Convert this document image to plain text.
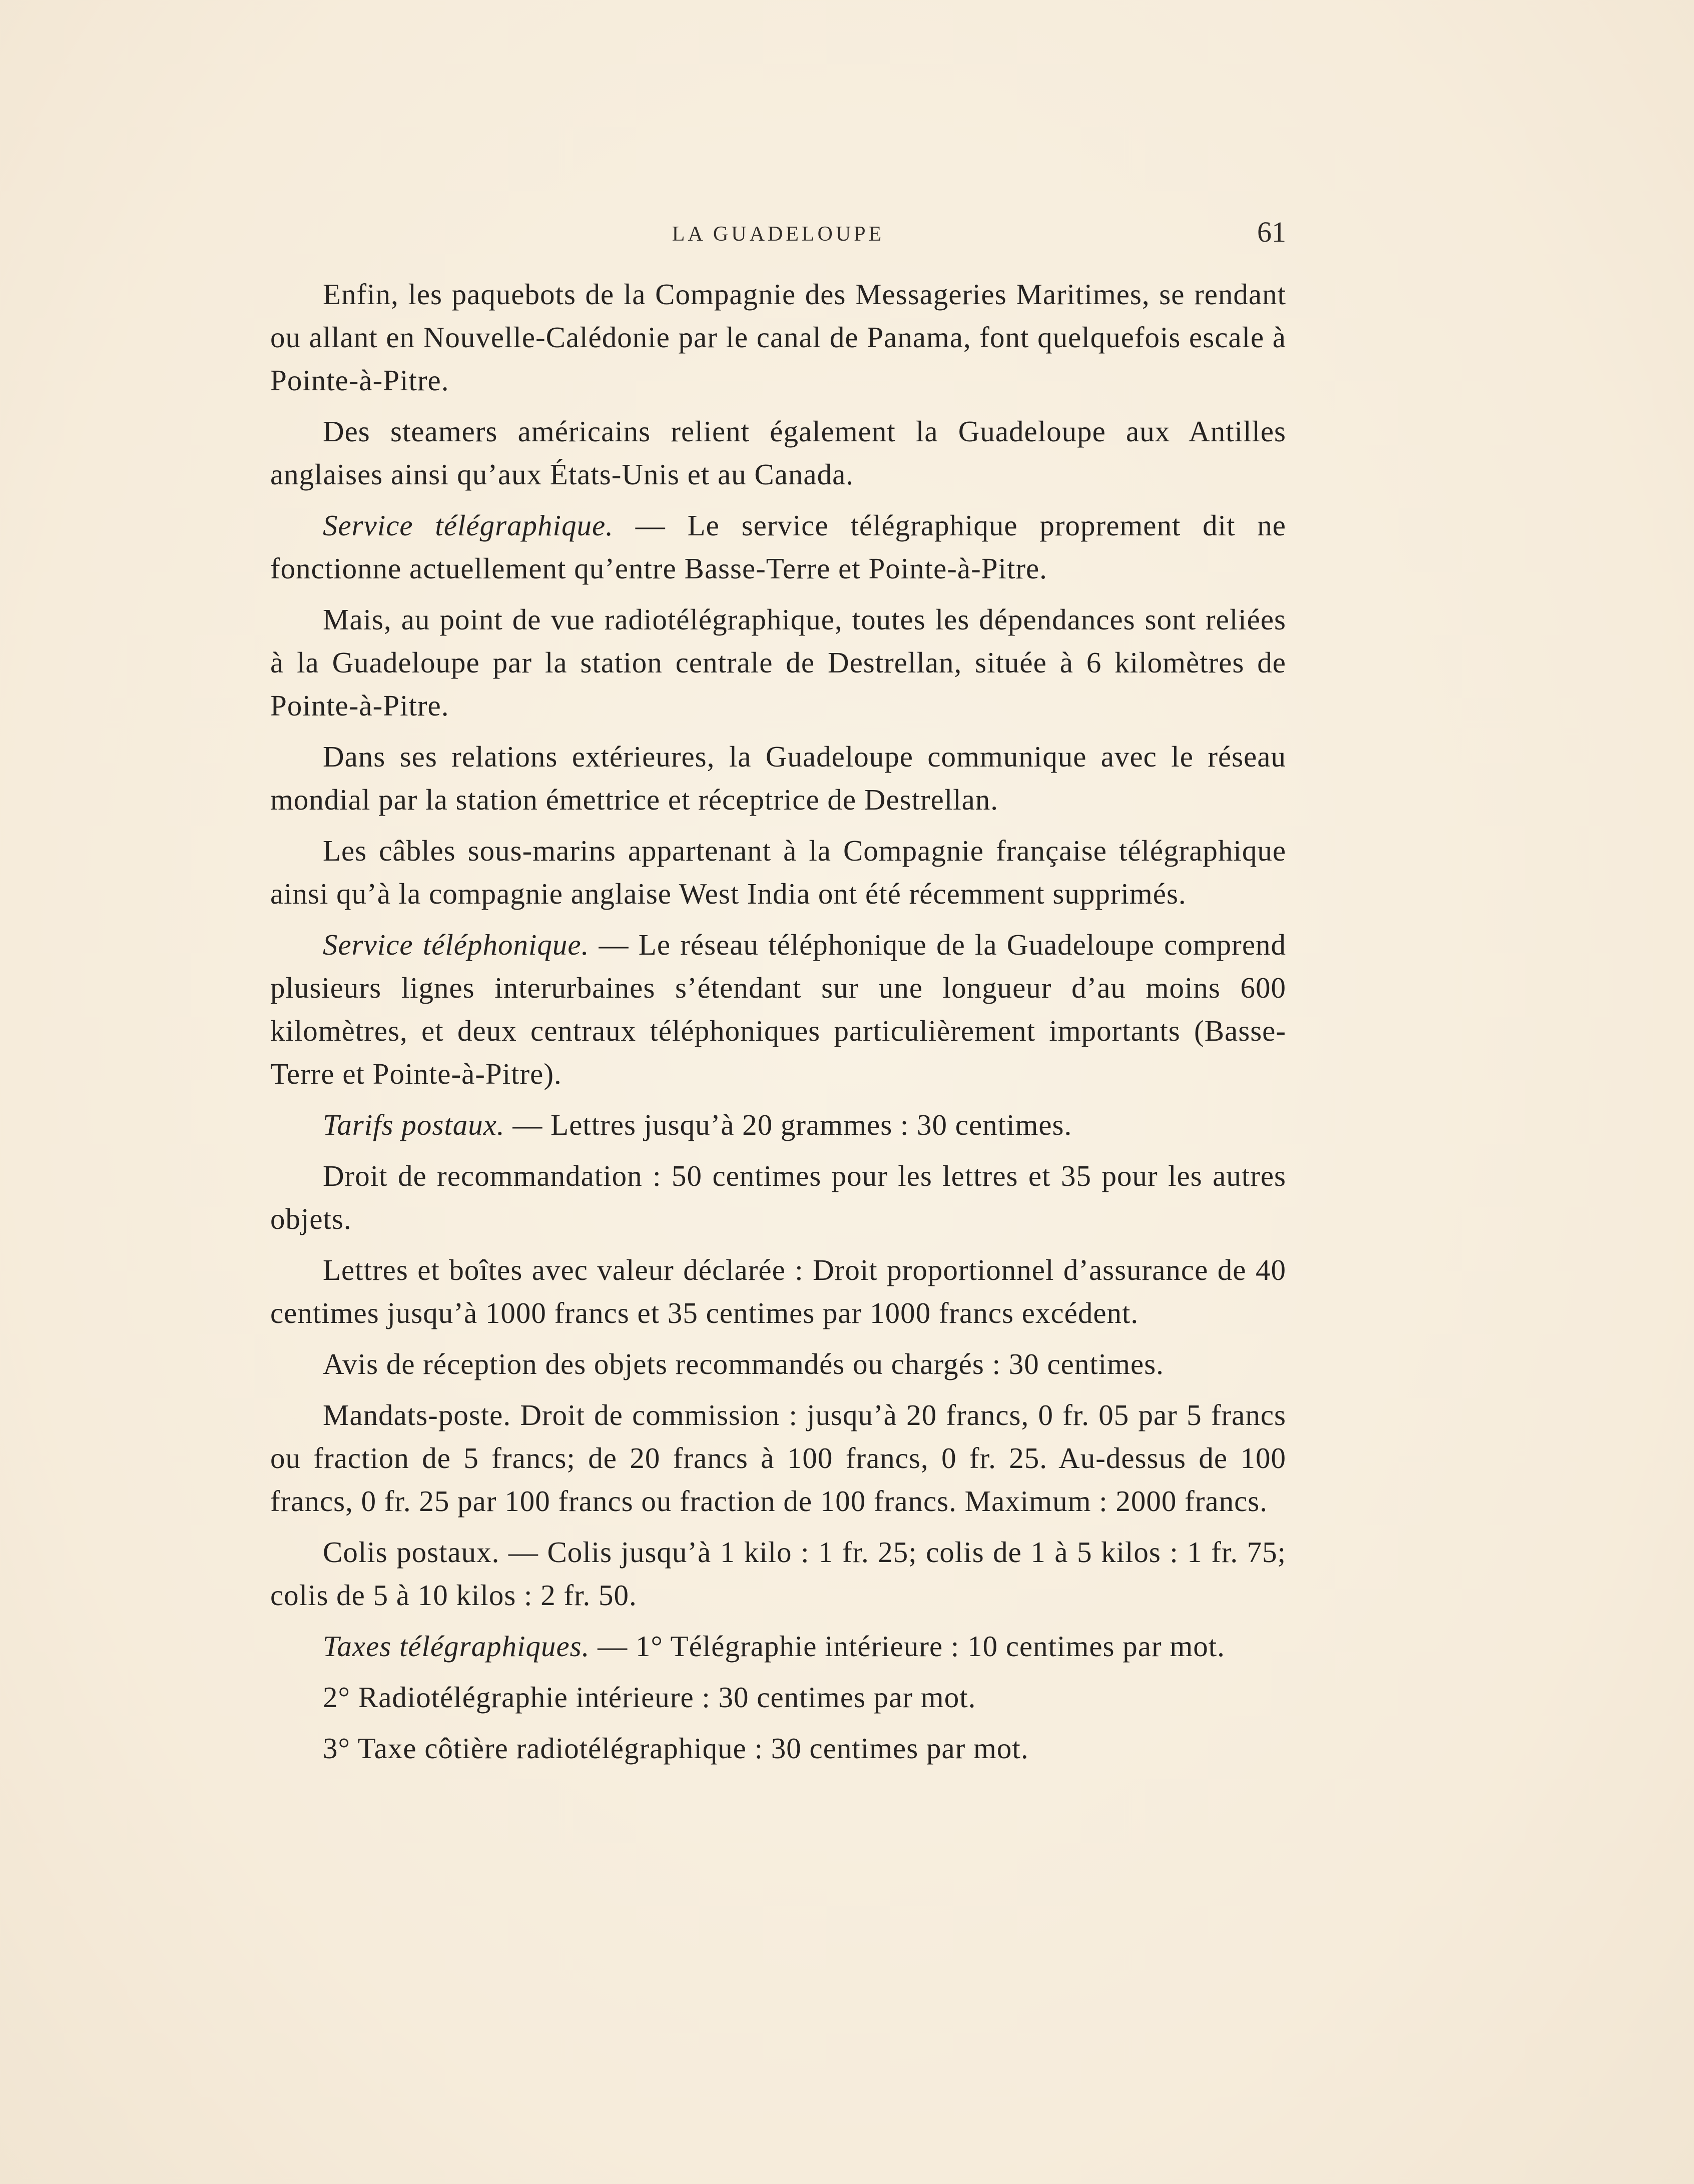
LA GUADELOUPE	61

Enfin, les paquebots de la Compagnie des Messageries Maritimes, se rendant ou allant en Nouvelle-Calédonie par le canal de Panama, font quelquefois escale à Pointe-à-Pitre.

Des steamers américains relient également la Guadeloupe aux Antilles anglaises ainsi qu’aux États-Unis et au Canada.

Service télégraphique. — Le service télégraphique proprement dit ne fonctionne actuellement qu’entre Basse-Terre et Pointe-à-Pitre.

Mais, au point de vue radiotélégraphique, toutes les dépendances sont reliées à la Guadeloupe par la station centrale de Destrellan, située à 6 kilomètres de Pointe-à-Pitre.

Dans ses relations extérieures, la Guadeloupe communique avec le réseau mondial par la station émettrice et réceptrice de Destrellan.

Les câbles sous-marins appartenant à la Compagnie française télégraphique ainsi qu’à la compagnie anglaise West India ont été récemment supprimés.

Service téléphonique. — Le réseau téléphonique de la Guadeloupe comprend plusieurs lignes interurbaines s’étendant sur une longueur d’au moins 600 kilomètres, et deux centraux téléphoniques particulièrement importants (Basse-Terre et Pointe-à-Pitre).

Tarifs postaux. — Lettres jusqu’à 20 grammes : 30 centimes.

Droit de recommandation : 50 centimes pour les lettres et 35 pour les autres objets.

Lettres et boîtes avec valeur déclarée : Droit proportionnel d’assurance de 40 centimes jusqu’à 1000 francs et 35 centimes par 1000 francs excédent.

Avis de réception des objets recommandés ou chargés : 30 centimes.

Mandats-poste. Droit de commission : jusqu’à 20 francs, 0 fr. 05 par 5 francs ou fraction de 5 francs; de 20 francs à 100 francs, 0 fr. 25. Au-dessus de 100 francs, 0 fr. 25 par 100 francs ou fraction de 100 francs. Maximum : 2000 francs.

Colis postaux. — Colis jusqu’à 1 kilo : 1 fr. 25; colis de 1 à 5 kilos : 1 fr. 75; colis de 5 à 10 kilos : 2 fr. 50.

Taxes télégraphiques. — 1° Télégraphie intérieure : 10 centimes par mot.

2° Radiotélégraphie intérieure : 30 centimes par mot.

3° Taxe côtière radiotélégraphique : 30 centimes par mot.
